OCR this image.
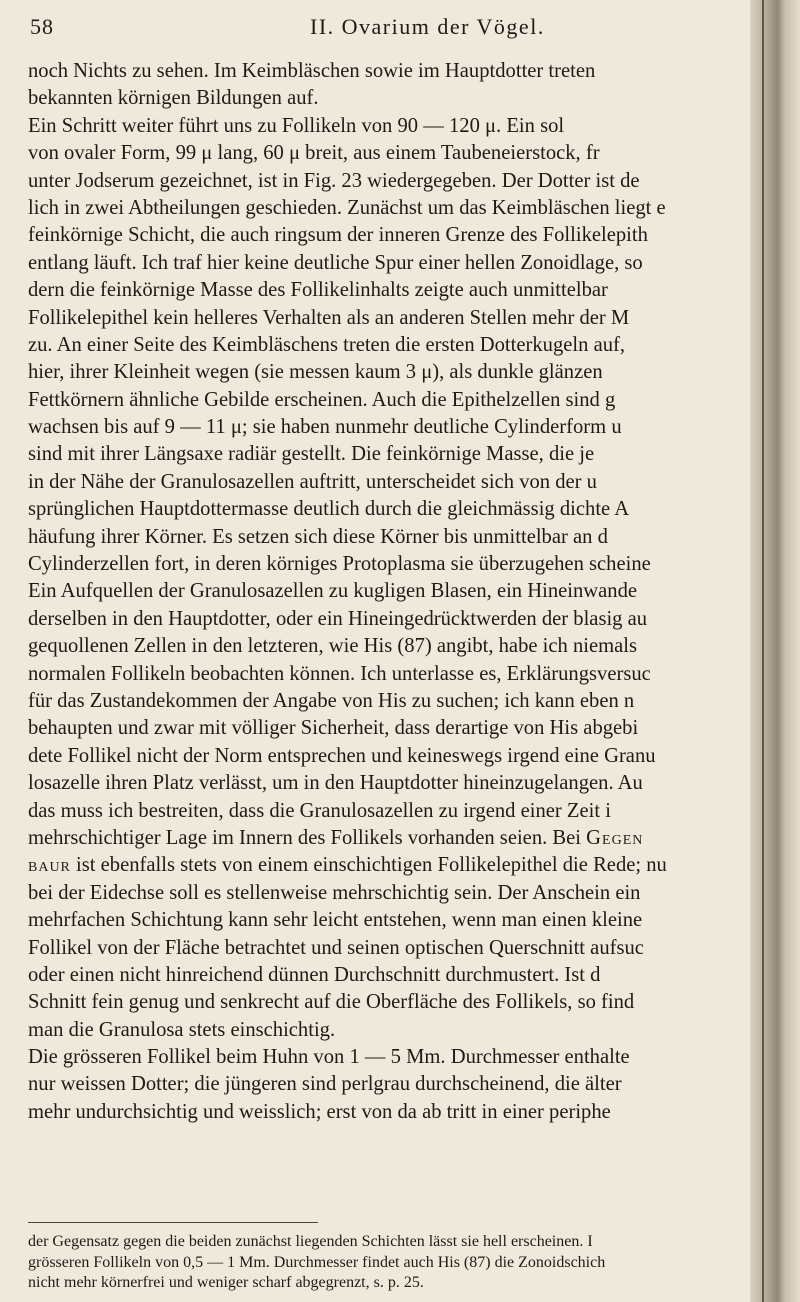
58	II. Ovarium der Vögel.
noch Nichts zu sehen. Im Keimbläschen sowie im Hauptdotter treten
bekannten körnigen Bildungen auf.
Ein Schritt weiter führt uns zu Follikeln von 90 — 120 μ. Ein sol
von ovaler Form, 99 μ lang, 60 μ breit, aus einem Taubeneierstock, fr
unter Jodserum gezeichnet, ist in Fig. 23 wiedergegeben. Der Dotter ist de
lich in zwei Abtheilungen geschieden. Zunächst um das Keimbläschen liegt e
feinkörnige Schicht, die auch ringsum der inneren Grenze des Follikelepith
entlang läuft. Ich traf hier keine deutliche Spur einer hellen Zonoidlage, so
dern die feinkörnige Masse des Follikelinhalts zeigte auch unmittelbar
Follikelepithel kein helleres Verhalten als an anderen Stellen mehr der M
zu. An einer Seite des Keimbläschens treten die ersten Dotterkugeln auf,
hier, ihrer Kleinheit wegen (sie messen kaum 3 μ), als dunkle glänzen
Fettkörnern ähnliche Gebilde erscheinen. Auch die Epithelzellen sind g
wachsen bis auf 9 — 11 μ; sie haben nunmehr deutliche Cylinderform u
sind mit ihrer Längsaxe radiär gestellt. Die feinkörnige Masse, die je
in der Nähe der Granulosazellen auftritt, unterscheidet sich von der u
sprünglichen Hauptdottermasse deutlich durch die gleichmässig dichte A
häufung ihrer Körner. Es setzen sich diese Körner bis unmittelbar an d
Cylinderzellen fort, in deren körniges Protoplasma sie überzugehen scheine
Ein Aufquellen der Granulosazellen zu kugligen Blasen, ein Hineinwande
derselben in den Hauptdotter, oder ein Hineingedrücktwerden der blasig au
gequollenen Zellen in den letzteren, wie His (87) angibt, habe ich niemals
normalen Follikeln beobachten können. Ich unterlasse es, Erklärungsversuc
für das Zustandekommen der Angabe von His zu suchen; ich kann eben n
behaupten und zwar mit völliger Sicherheit, dass derartige von His abgebi
dete Follikel nicht der Norm entsprechen und keineswegs irgend eine Granu
losazelle ihren Platz verlässt, um in den Hauptdotter hineinzugelangen. Au
das muss ich bestreiten, dass die Granulosazellen zu irgend einer Zeit i
mehrschichtiger Lage im Innern des Follikels vorhanden seien. Bei Gegen
baur ist ebenfalls stets von einem einschichtigen Follikelepithel die Rede; nu
bei der Eidechse soll es stellenweise mehrschichtig sein. Der Anschein ein
mehrfachen Schichtung kann sehr leicht entstehen, wenn man einen kleine
Follikel von der Fläche betrachtet und seinen optischen Querschnitt aufsuc
oder einen nicht hinreichend dünnen Durchschnitt durchmustert. Ist d
Schnitt fein genug und senkrecht auf die Oberfläche des Follikels, so find
man die Granulosa stets einschichtig.
Die grösseren Follikel beim Huhn von 1 — 5 Mm. Durchmesser enthalte
nur weissen Dotter; die jüngeren sind perlgrau durchscheinend, die älter
mehr undurchsichtig und weisslich; erst von da ab tritt in einer periphe
der Gegensatz gegen die beiden zunächst liegenden Schichten lässt sie hell erscheinen. I
grösseren Follikeln von 0,5 — 1 Mm. Durchmesser findet auch His (87) die Zonoidschich
nicht mehr körnerfrei und weniger scharf abgegrenzt, s. p. 25.
